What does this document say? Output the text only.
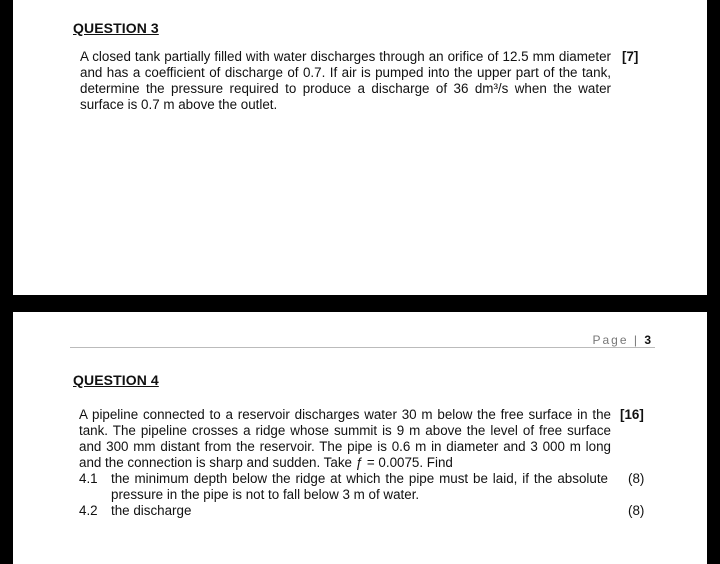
QUESTION 3

A closed tank partially filled with water discharges through an orifice of 12.5 mm diameter and has a coefficient of discharge of 0.7. If air is pumped into the upper part of the tank, determine the pressure required to produce a discharge of 36 dm³/s when the water surface is 0.7 m above the outlet.

[7]
Page | 3
QUESTION 4

A pipeline connected to a reservoir discharges water 30 m below the free surface in the tank. The pipeline crosses a ridge whose summit is 9 m above the level of free surface and 300 mm distant from the reservoir. The pipe is 0.6 m in diameter and 3 000 m long and the connection is sharp and sudden. Take ƒ = 0.0075. Find

[16]
4.1 the minimum depth below the ridge at which the pipe must be laid, if the absolute pressure in the pipe is not to fall below 3 m of water.
(8)
4.2 the discharge	(8)
